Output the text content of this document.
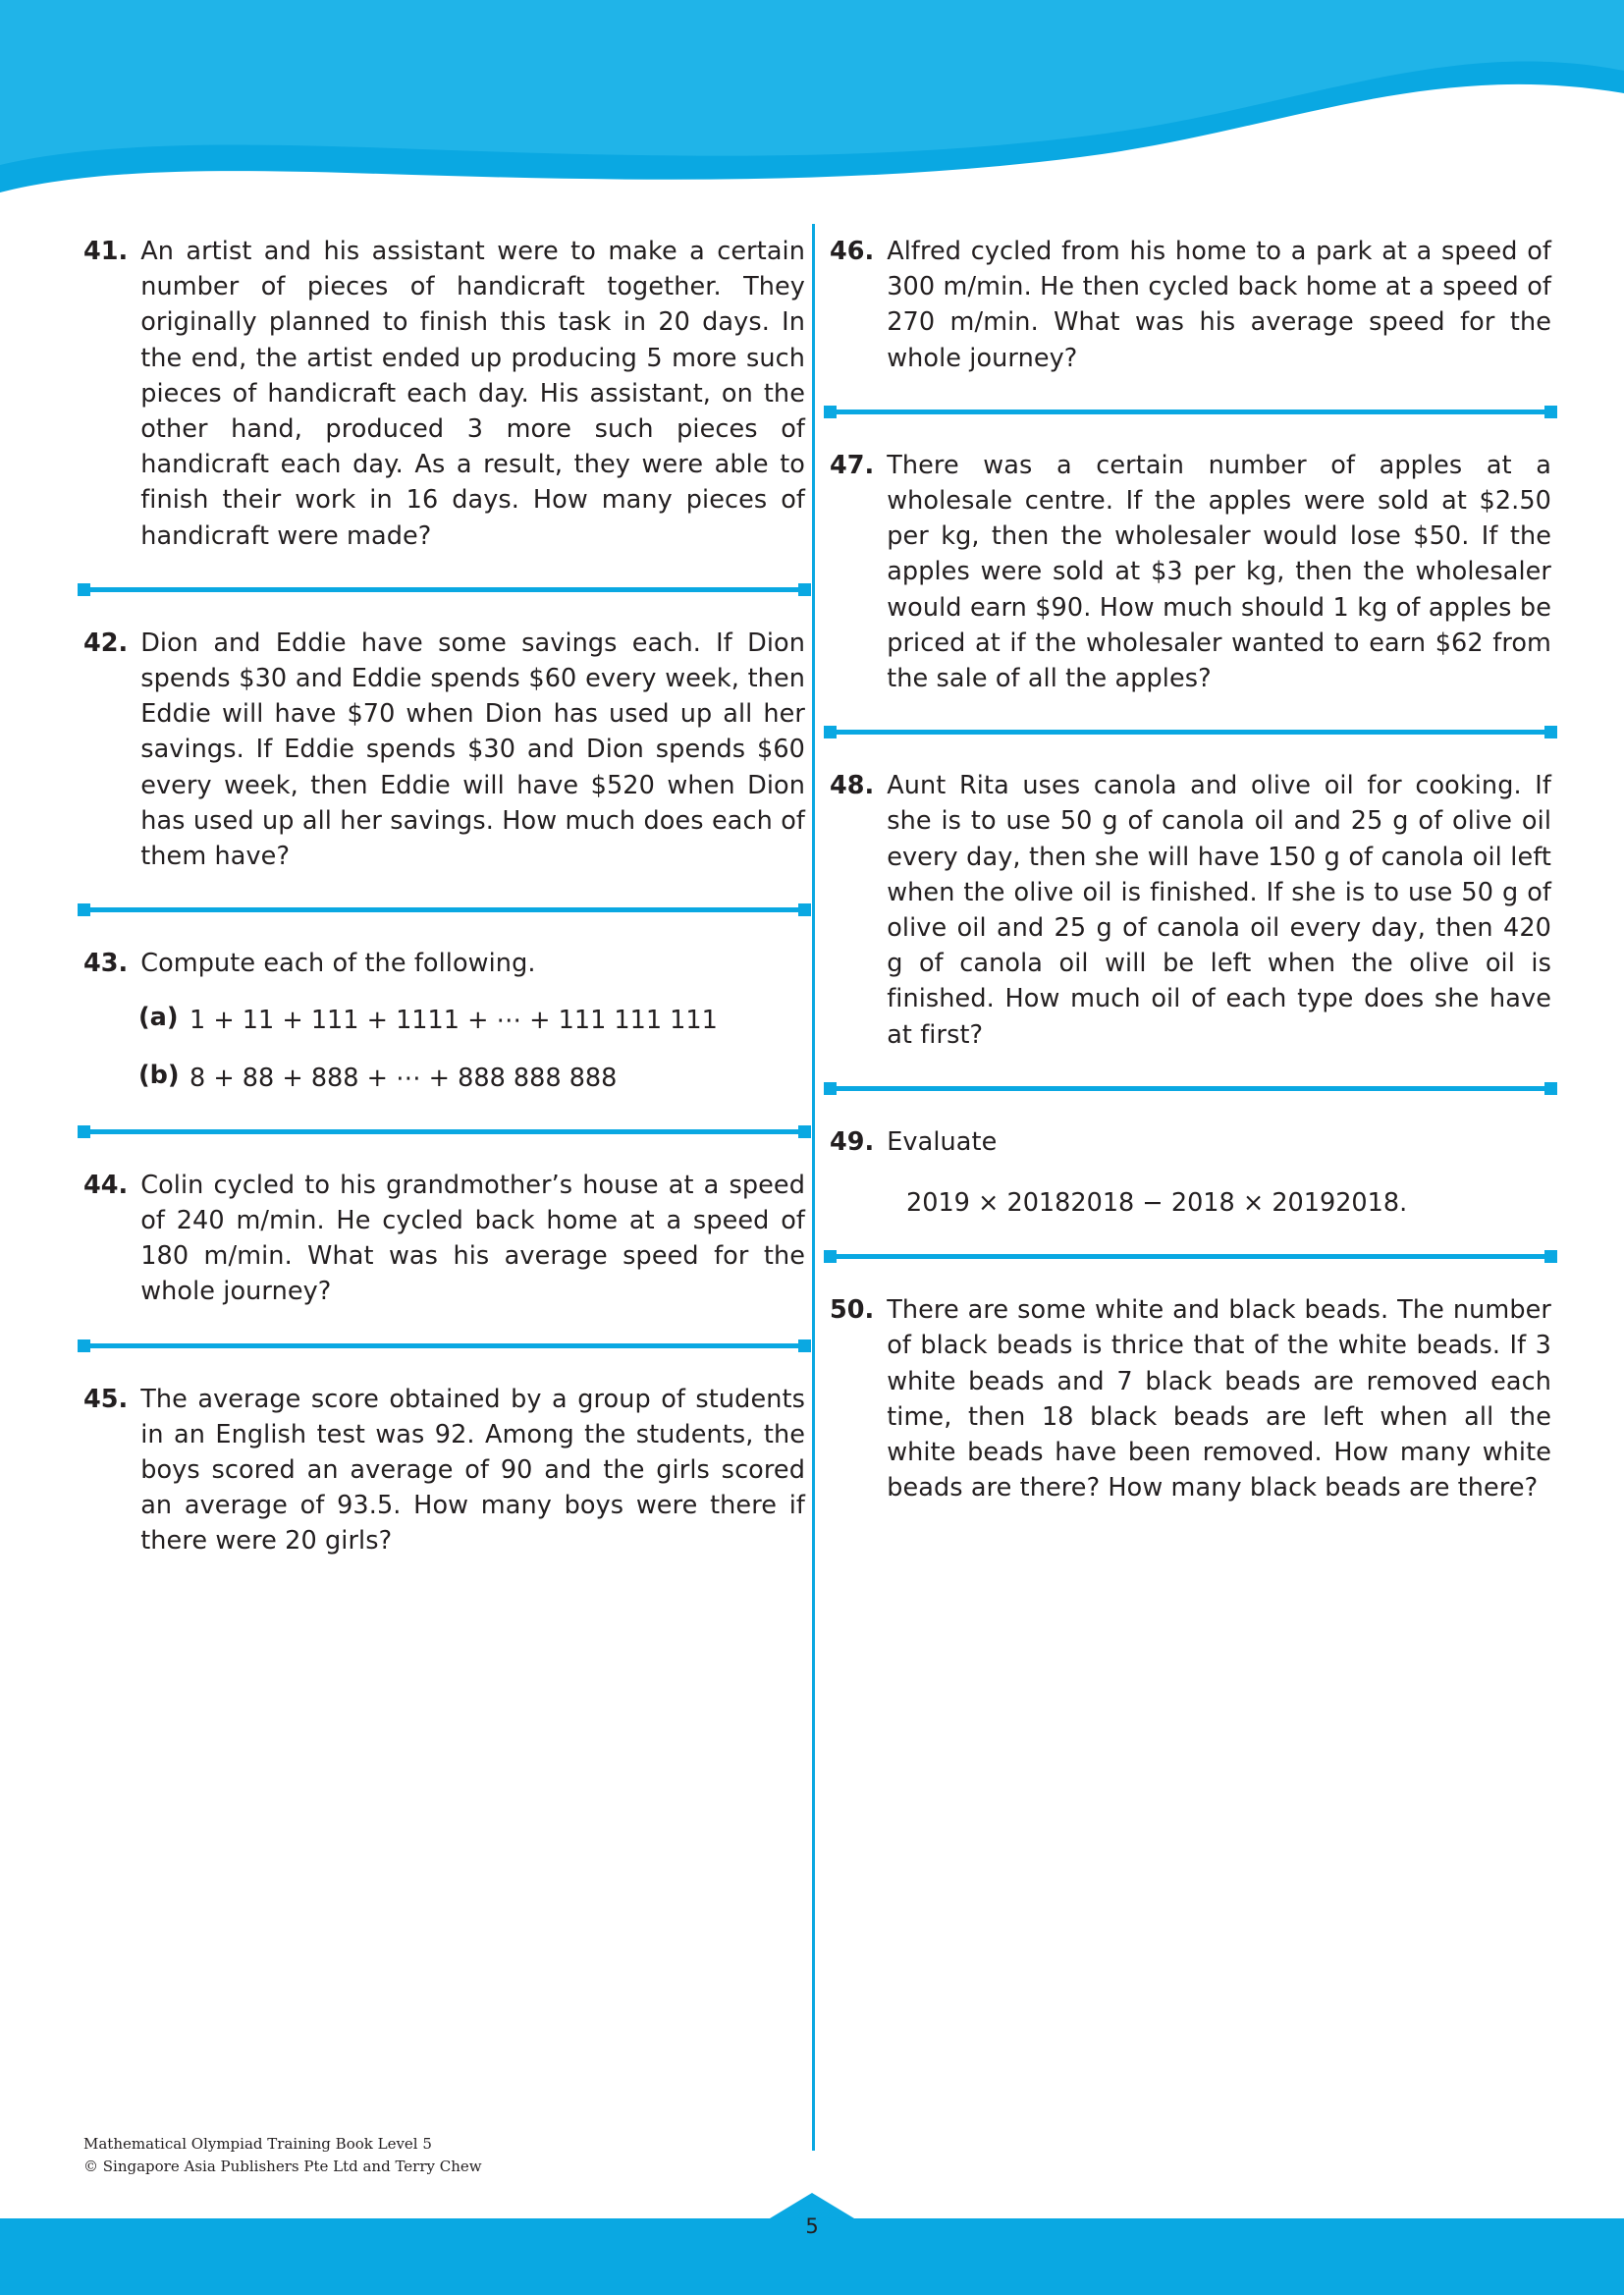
41. An artist and his assistant were to make a certain number of pieces of handicraft together. They originally planned to finish this task in 20 days. In the end, the artist ended up producing 5 more such pieces of handicraft each day. His assistant, on the other hand, produced 3 more such pieces of handicraft each day. As a result, they were able to finish their work in 16 days. How many pieces of handicraft were made?
42. Dion and Eddie have some savings each. If Dion spends $30 and Eddie spends $60 every week, then Eddie will have $70 when Dion has used up all her savings. If Eddie spends $30 and Dion spends $60 every week, then Eddie will have $520 when Dion has used up all her savings. How much does each of them have?
43. Compute each of the following.
(a) 1 + 11 + 111 + 1111 + ⋯ + 111 111 111
(b) 8 + 88 + 888 + ⋯ + 888 888 888
44. Colin cycled to his grandmother’s house at a speed of 240 m/min. He cycled back home at a speed of 180 m/min. What was his average speed for the whole journey?
45. The average score obtained by a group of students in an English test was 92. Among the students, the boys scored an average of 90 and the girls scored an average of 93.5. How many boys were there if there were 20 girls?
46. Alfred cycled from his home to a park at a speed of 300 m/min. He then cycled back home at a speed of 270 m/min. What was his average speed for the whole journey?
47. There was a certain number of apples at a wholesale centre. If the apples were sold at $2.50 per kg, then the wholesaler would lose $50. If the apples were sold at $3 per kg, then the wholesaler would earn $90. How much should 1 kg of apples be priced at if the wholesaler wanted to earn $62 from the sale of all the apples?
48. Aunt Rita uses canola and olive oil for cooking. If she is to use 50 g of canola oil and 25 g of olive oil every day, then she will have 150 g of canola oil left when the olive oil is finished. If she is to use 50 g of olive oil and 25 g of canola oil every day, then 420 g of canola oil will be left when the olive oil is finished. How much oil of each type does she have at first?
49. Evaluate
2019 × 20182018 − 2018 × 20192018.
50. There are some white and black beads. The number of black beads is thrice that of the white beads. If 3 white beads and 7 black beads are removed each time, then 18 black beads are left when all the white beads have been removed. How many white beads are there? How many black beads are there?
Mathematical Olympiad Training Book Level 5
© Singapore Asia Publishers Pte Ltd and Terry Chew
5
